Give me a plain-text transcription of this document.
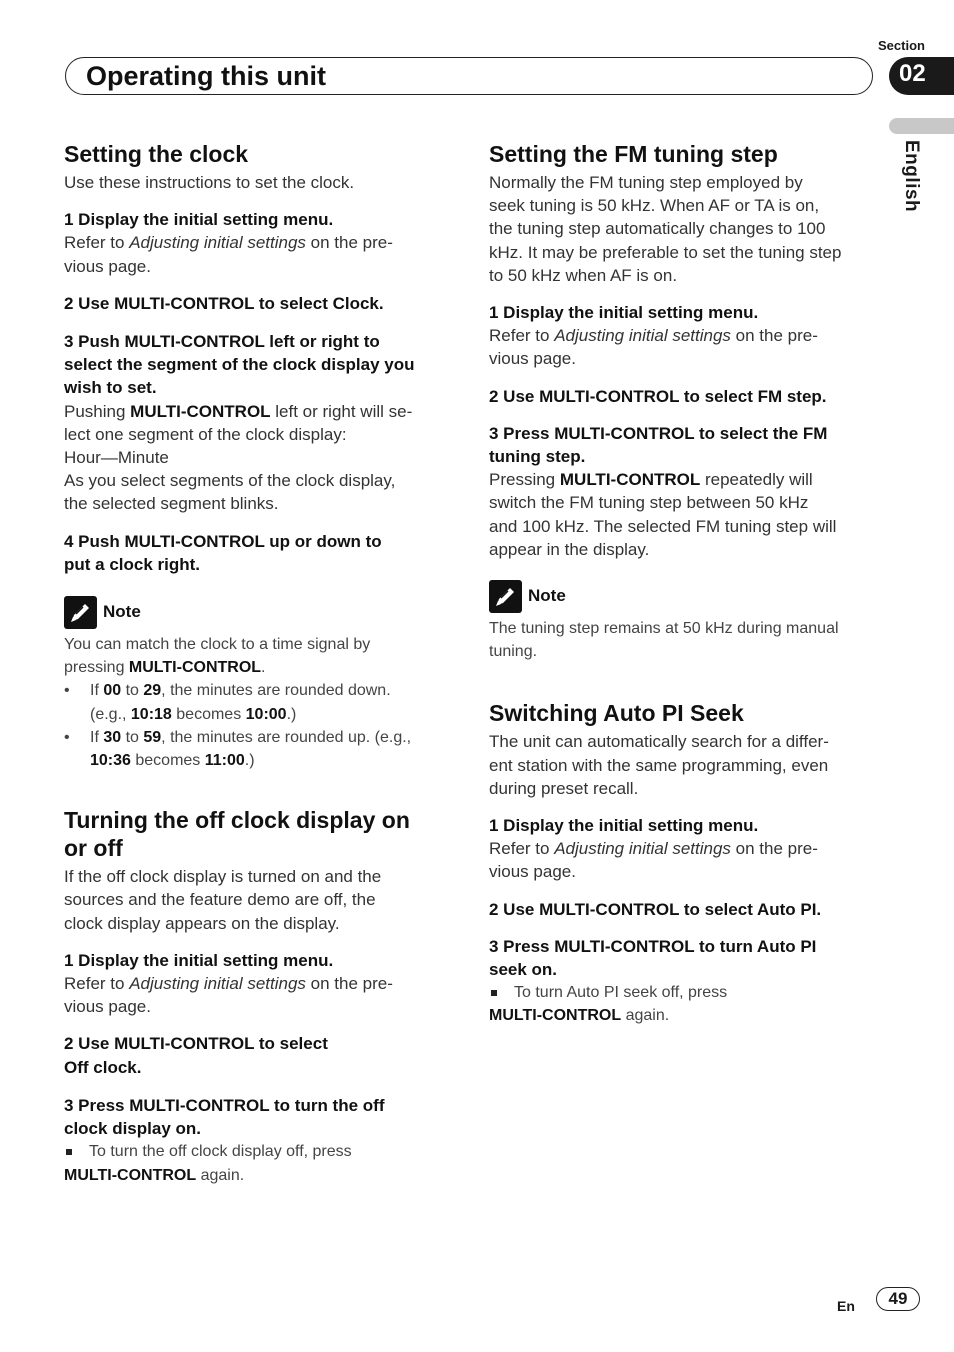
Section
Operating this unit	02
English
Setting the clock

Use these instructions to set the clock.

1 Display the initial setting menu.

Refer to Adjusting initial settings on the pre-

vious page.

2 Use MULTI-CONTROL to select Clock.
3 Push MULTI-CONTROL left or right to
select the segment of the clock display you
wish to set.

Pushing MULTI-CONTROL left or right will se-

lect one segment of the clock display:

Hour—Minute

As you select segments of the clock display,

the selected segment blinks.

4 Push MULTI-CONTROL up or down to
put a clock right.
Note

You can match the clock to a time signal by

pressing MULTI-CONTROL.

• If 00 to 29, the minutes are rounded down.
(e.g., 10:18 becomes 10:00.)
• If 30 to 59, the minutes are rounded up. (e.g.,
10:36 becomes 11:00.)
Turning the off clock display on
or off

If the off clock display is turned on and the

sources and the feature demo are off, the

clock display appears on the display.

1 Display the initial setting menu.

Refer to Adjusting initial settings on the pre-

vious page.

2 Use MULTI-CONTROL to select
Off clock.
3 Press MULTI-CONTROL to turn the off
clock display on.
To turn the off clock display off, press

MULTI-CONTROL again.

Setting the FM tuning step

Normally the FM tuning step employed by

seek tuning is 50 kHz. When AF or TA is on,

the tuning step automatically changes to 100

kHz. It may be preferable to set the tuning step

to 50 kHz when AF is on.

1 Display the initial setting menu.

Refer to Adjusting initial settings on the pre-

vious page.

2 Use MULTI-CONTROL to select FM step.
3 Press MULTI-CONTROL to select the FM
tuning step.

Pressing MULTI-CONTROL repeatedly will

switch the FM tuning step between 50 kHz

and 100 kHz. The selected FM tuning step will

appear in the display.

Note

The tuning step remains at 50 kHz during manual

tuning.

Switching Auto PI Seek

The unit can automatically search for a differ-

ent station with the same programming, even

during preset recall.

1 Display the initial setting menu.

Refer to Adjusting initial settings on the pre-

vious page.

2 Use MULTI-CONTROL to select Auto PI.
3 Press MULTI-CONTROL to turn Auto PI
seek on.
To turn Auto PI seek off, press

MULTI-CONTROL again.

En	49
